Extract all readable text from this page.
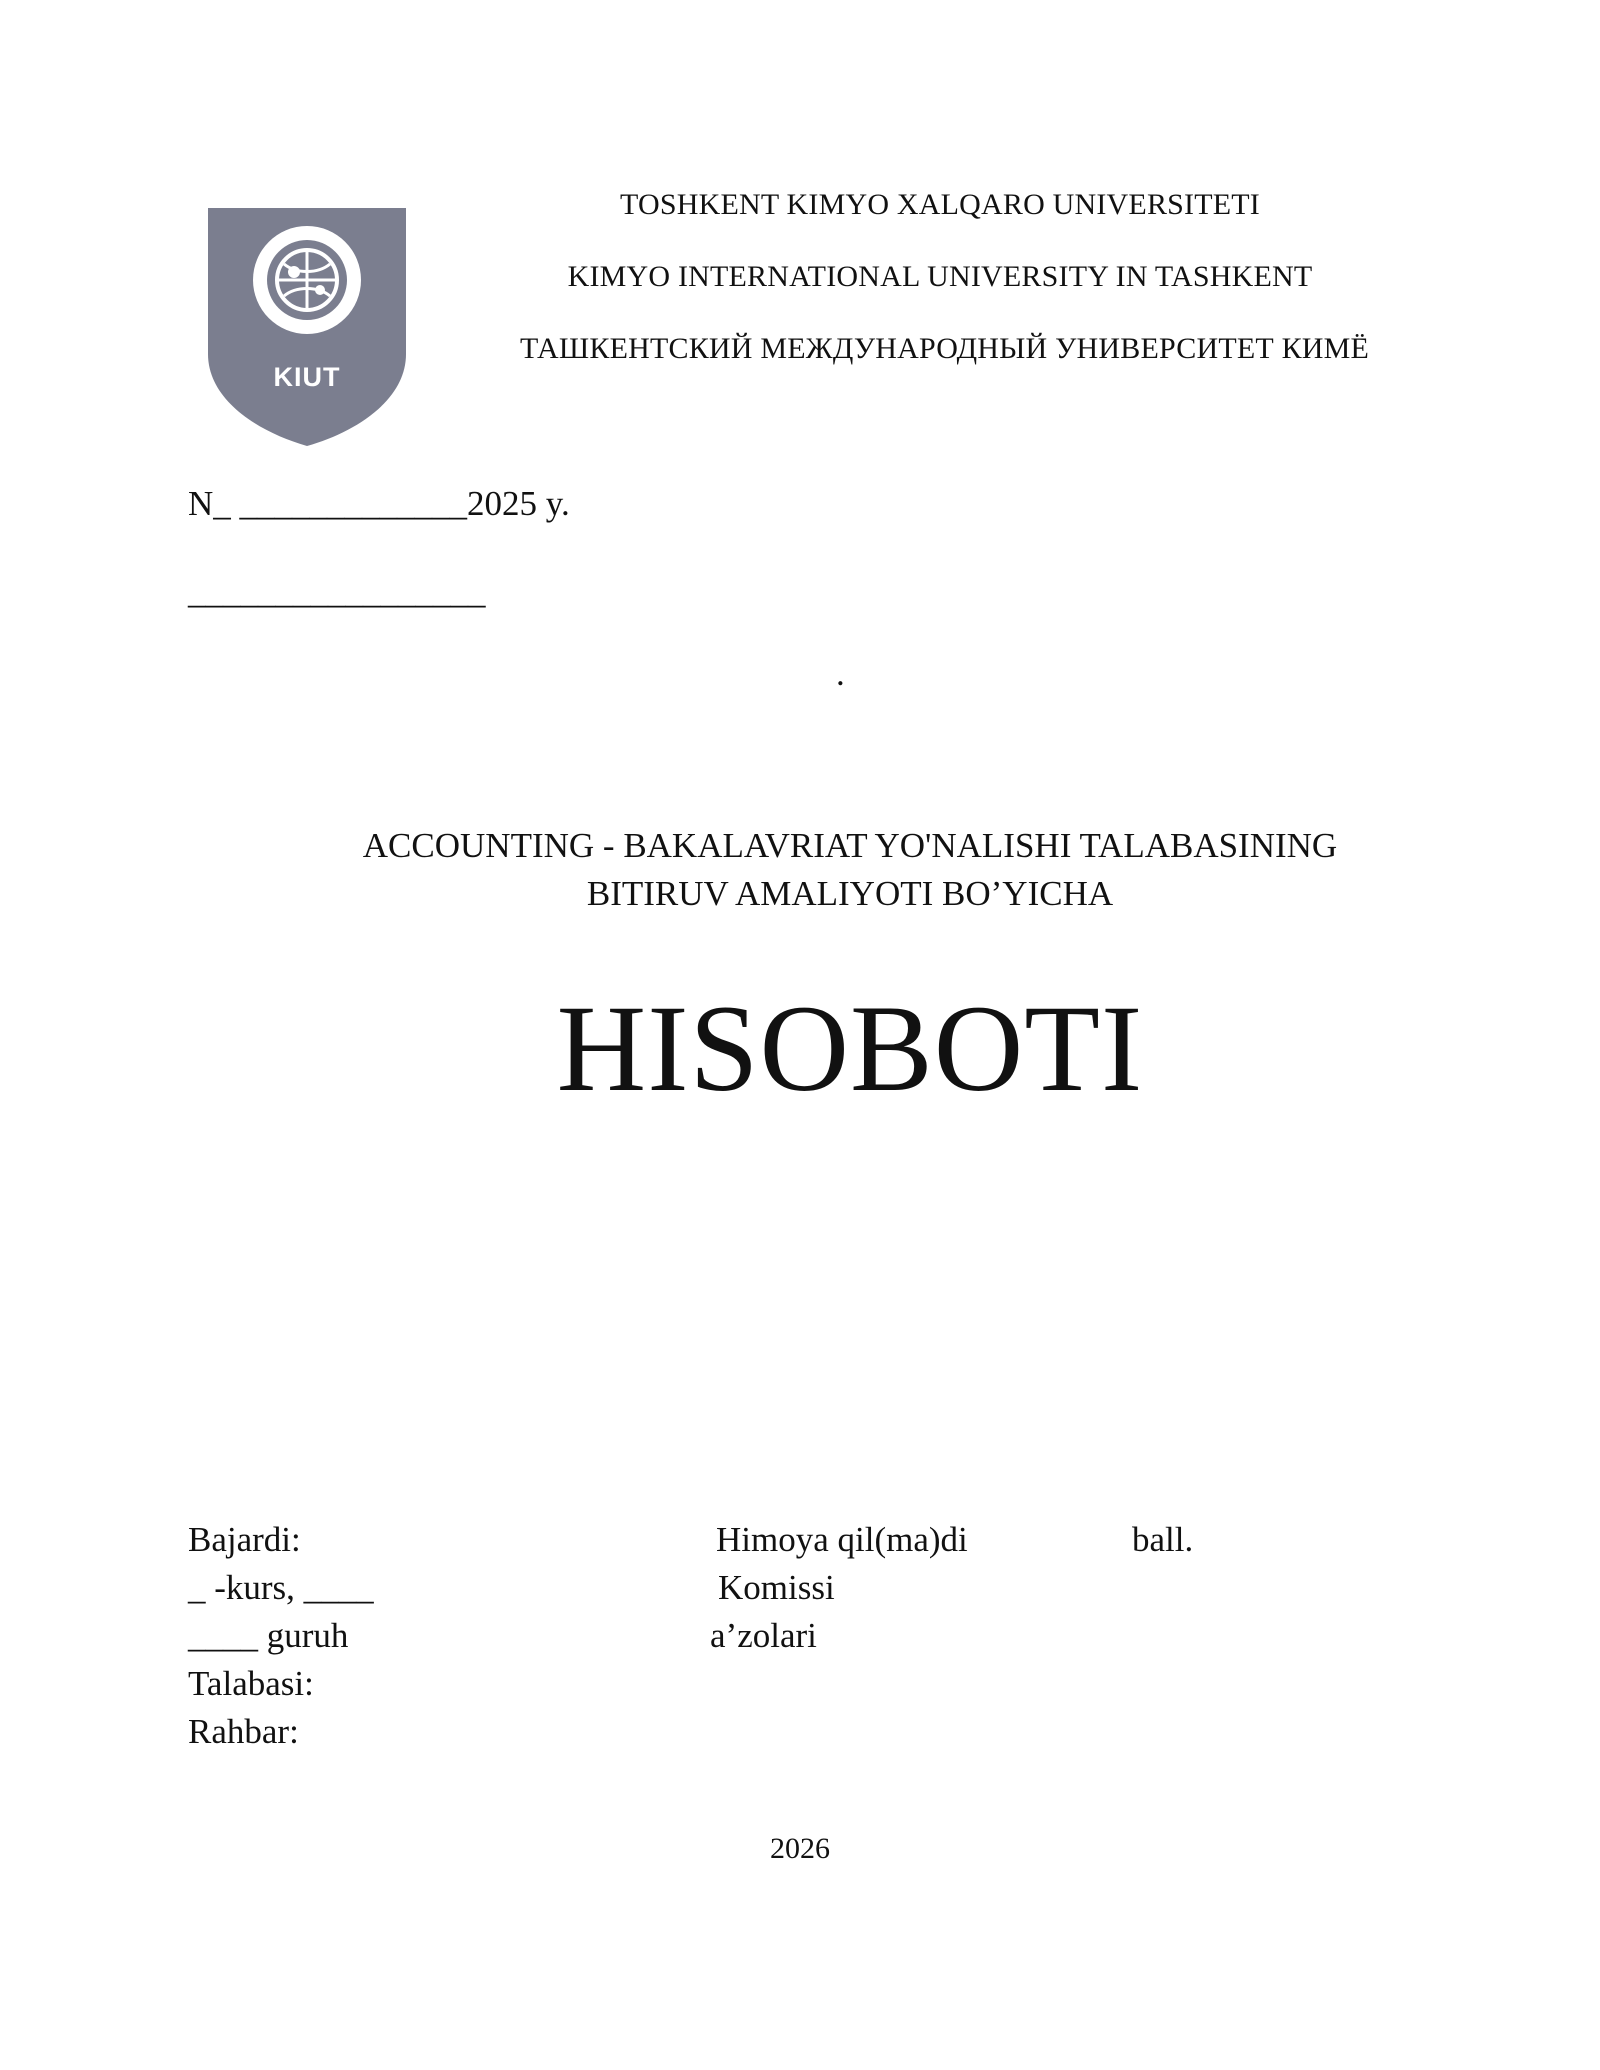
KIUT
TOSHKENT KIMYO XALQARO UNIVERSITETI
KIMYO INTERNATIONAL UNIVERSITY IN TASHKENT
ТАШКЕНТСКИЙ МЕЖДУНАРОДНЫЙ УНИВЕРСИТЕТ КИМЁ
N_ _____________2025 y.
_________________
.
ACCOUNTING - BAKALAVRIAT YO'NALISHI TALABASINING
BITIRUV AMALIYOTI BO’YICHA
HISOBOTI
Bajardi:
_ -kurs, ____
____ guruh
Talabasi:
Rahbar:
Himoya qil(ma)di	ball.
Komissi
a’zolari
2026
